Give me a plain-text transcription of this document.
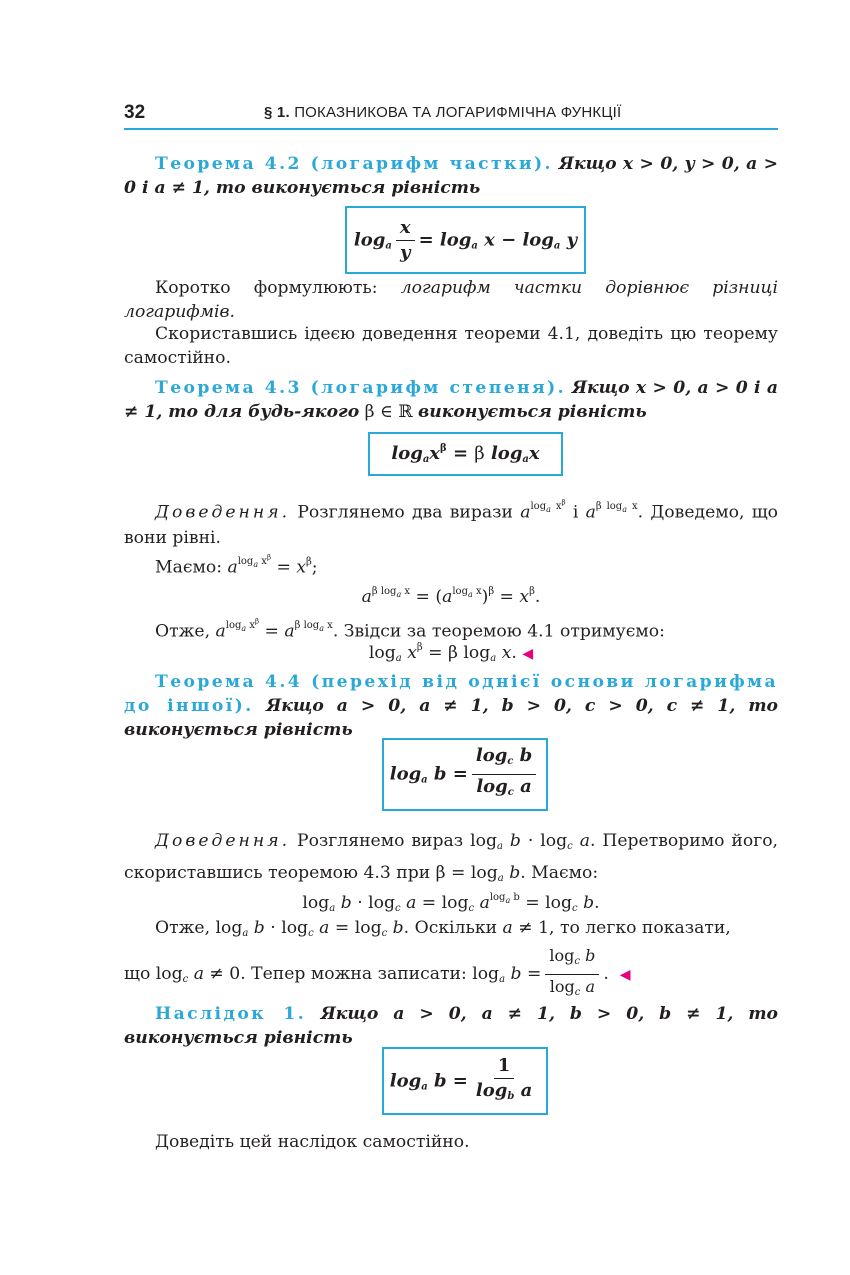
32	§ 1. ПОКАЗНИКОВА ТА ЛОГАРИФМІЧНА ФУНКЦІЇ
Теорема 4.2 (логарифм частки). Якщо x > 0, y > 0, a > 0 і a ≠ 1, то виконується рівність
$\log_a \frac{x}{y} = \log_a x - \log_a y$
Коротко формулюють: логарифм частки дорівнює різниці логарифмів.
Скориставшись ідеєю доведення теореми 4.1, доведіть цю теорему самостійно.
Теорема 4.3 (логарифм степеня). Якщо x > 0, a > 0 і a ≠ 1, то для будь-якого β ∈ ℝ виконується рівність
$\log_ax^\beta = \beta$ $\log_ax$
Доведення. Розглянемо два вирази $a^{log_a x^\beta}$ і $a^{\beta log_a x}$. Доведемо, що вони рівні.
Маємо: $a^{log_a x^\beta} = x^\beta$;
$a^{\beta log_a x} = (a^{log_a x})^\beta = x^\beta$.
Отже, $a^{log_a x^\beta} = a^{\beta log_a x}$. Звідси за теоремою 4.1 отримуємо:
$\log_a x^\beta = \beta$ $\log_a x$. ◀
Теорема 4.4 (перехід від однієї основи логарифма до іншої). Якщо a > 0, a ≠ 1, b > 0, c > 0, c ≠ 1, то виконується рівність
$\log_a b = \frac{\log_c b}{\log_c a}$
Доведення. Розглянемо вираз $\log_a b \cdot \log_c a$. Перетворимо його, скориставшись теоремою 4.3 при $\beta = \log_a b$. Маємо:
$\log_a b \cdot \log_c a = \log_c a^{log_a b} = \log_c b$.
Отже, $\log_a b \cdot \log_c a = \log_c b$. Оскільки a ≠ 1, то легко показати,
що $\log_c a \ne 0$. Тепер можна записати: $\log_a b = \frac{\log_c b}{\log_c a}$ .  ◀
Наслідок 1. Якщо a > 0, a ≠ 1, b > 0, b ≠ 1, то виконується рівність
$\log_a b = \frac{1}{\log_b a}$
Доведіть цей наслідок самостійно.
